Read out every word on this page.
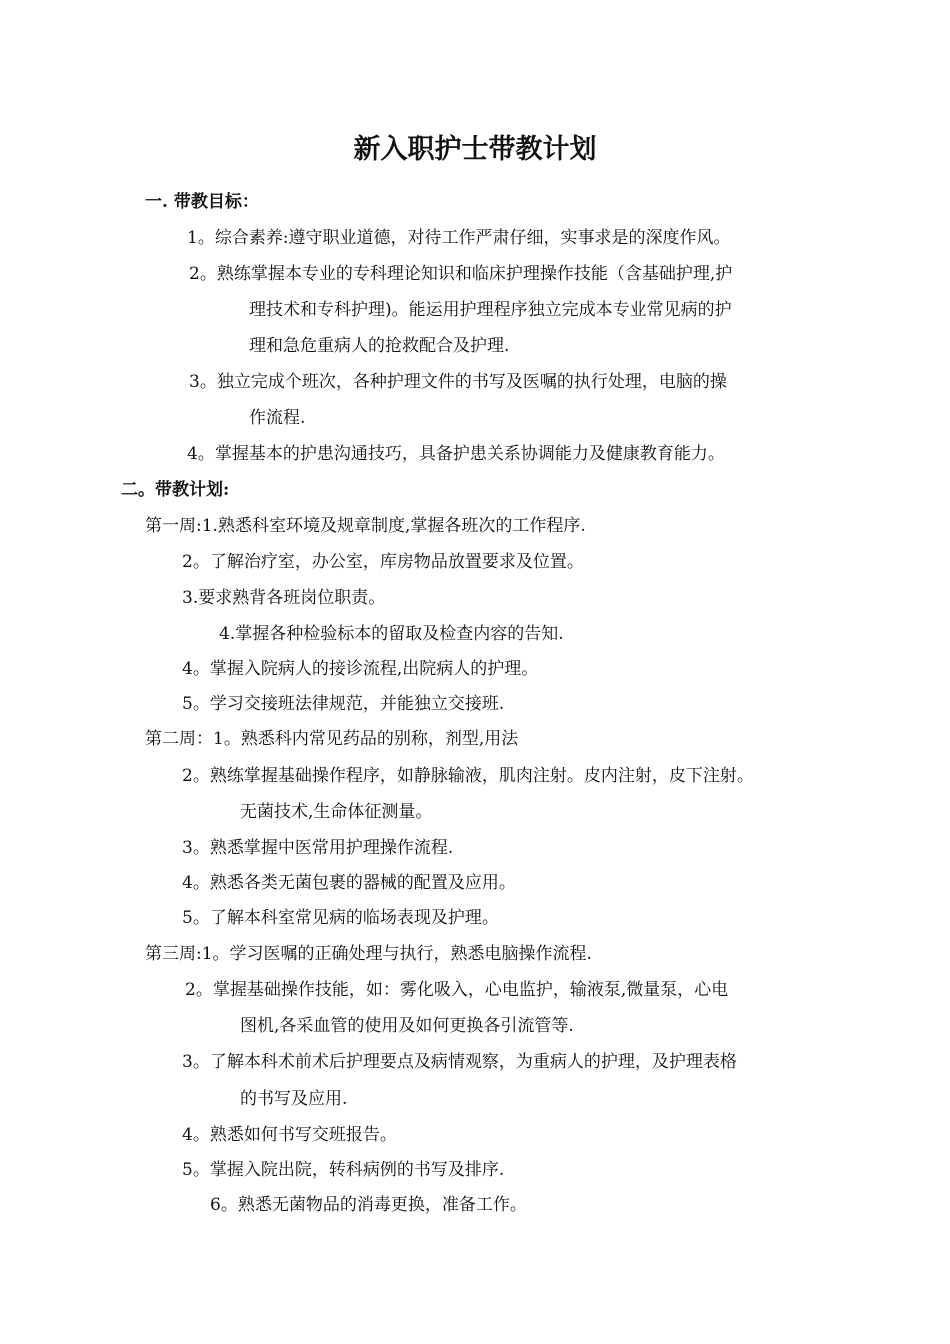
新入职护士带教计划
一. 带教目标：
1。综合素养:遵守职业道德，对待工作严肃仔细，实事求是的深度作风。
2。熟练掌握本专业的专科理论知识和临床护理操作技能（含基础护理,护
理技术和专科护理)。能运用护理程序独立完成本专业常见病的护
理和急危重病人的抢救配合及护理.
3。独立完成个班次，各种护理文件的书写及医嘱的执行处理，电脑的操
作流程.
4。掌握基本的护患沟通技巧，具备护患关系协调能力及健康教育能力。
二。带教计划:
第一周:1.熟悉科室环境及规章制度,掌握各班次的工作程序.
2。了解治疗室，办公室，库房物品放置要求及位置。
3.要求熟背各班岗位职责。
4.掌握各种检验标本的留取及检查内容的告知.
4。掌握入院病人的接诊流程,出院病人的护理。
5。学习交接班法律规范，并能独立交接班.
第二周：1。熟悉科内常见药品的别称，剂型,用法
2。熟练掌握基础操作程序，如静脉输液，肌肉注射。皮内注射，皮下注射。
无菌技术,生命体征测量。
3。熟悉掌握中医常用护理操作流程.
4。熟悉各类无菌包裹的器械的配置及应用。
5。了解本科室常见病的临场表现及护理。
第三周:1。学习医嘱的正确处理与执行，熟悉电脑操作流程.
2。掌握基础操作技能，如：雾化吸入，心电监护，输液泵,微量泵，心电
图机,各采血管的使用及如何更换各引流管等.
3。了解本科术前术后护理要点及病情观察，为重病人的护理，及护理表格
的书写及应用.
4。熟悉如何书写交班报告。
5。掌握入院出院，转科病例的书写及排序.
6。熟悉无菌物品的消毒更换，准备工作。
